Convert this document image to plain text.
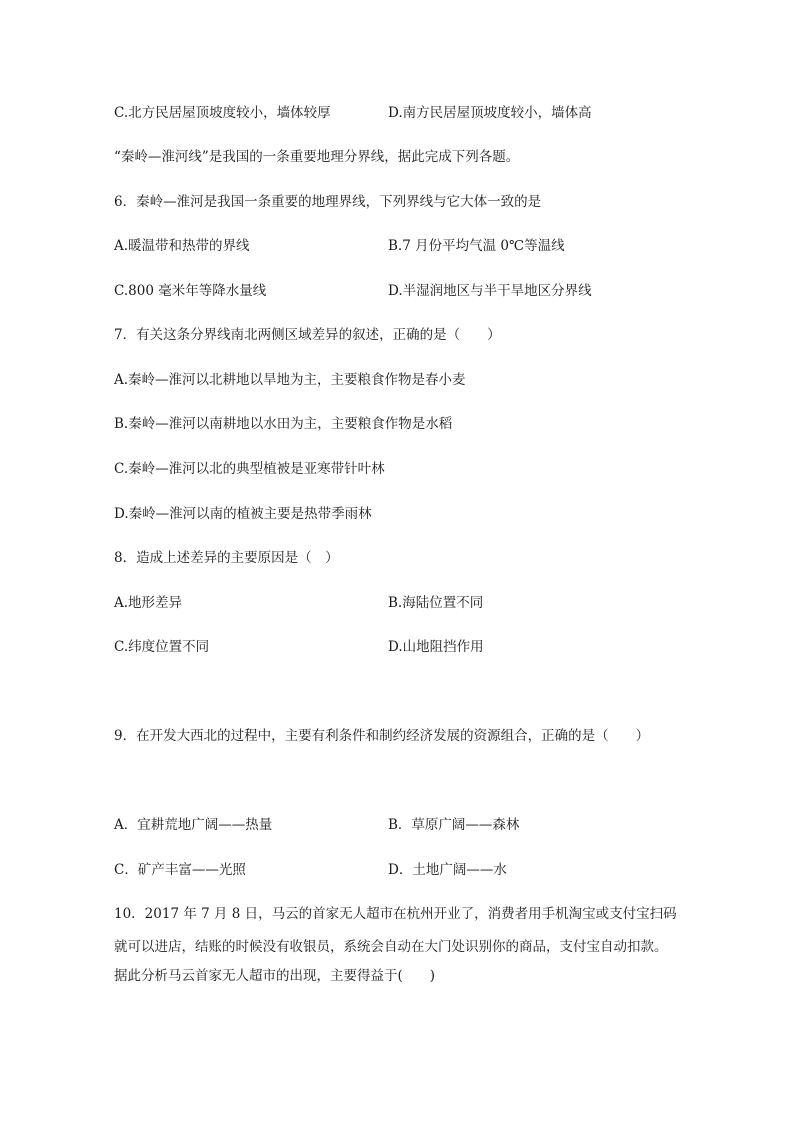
C.北方民居屋顶坡度较小，墙体较厚	D.南方民居屋顶坡度较小，墙体高
“秦岭—淮河线”是我国的一条重要地理分界线，据此完成下列各题。
6．秦岭—淮河是我国一条重要的地理界线，下列界线与它大体一致的是
A.暖温带和热带的界线	B.7 月份平均气温 0℃等温线
C.800 毫米年等降水量线	D.半湿润地区与半干旱地区分界线
7．有关这条分界线南北两侧区域差异的叙述，正确的是（　　）
A.秦岭—淮河以北耕地以旱地为主，主要粮食作物是春小麦
B.秦岭—淮河以南耕地以水田为主，主要粮食作物是水稻
C.秦岭—淮河以北的典型植被是亚寒带针叶林
D.秦岭—淮河以南的植被主要是热带季雨林
8．造成上述差异的主要原因是（　）
A.地形差异	B.海陆位置不同
C.纬度位置不同	D.山地阻挡作用
9．在开发大西北的过程中，主要有利条件和制约经济发展的资源组合，正确的是（　　）
A．宜耕荒地广阔——热量	B．草原广阔——森林
C．矿产丰富——光照	D．土地广阔——水
10．2017 年 7 月 8 日，马云的首家无人超市在杭州开业了，消费者用手机淘宝或支付宝扫码
就可以进店，结账的时候没有收银员，系统会自动在大门处识别你的商品，支付宝自动扣款。
据此分析马云首家无人超市的出现，主要得益于(　　)
